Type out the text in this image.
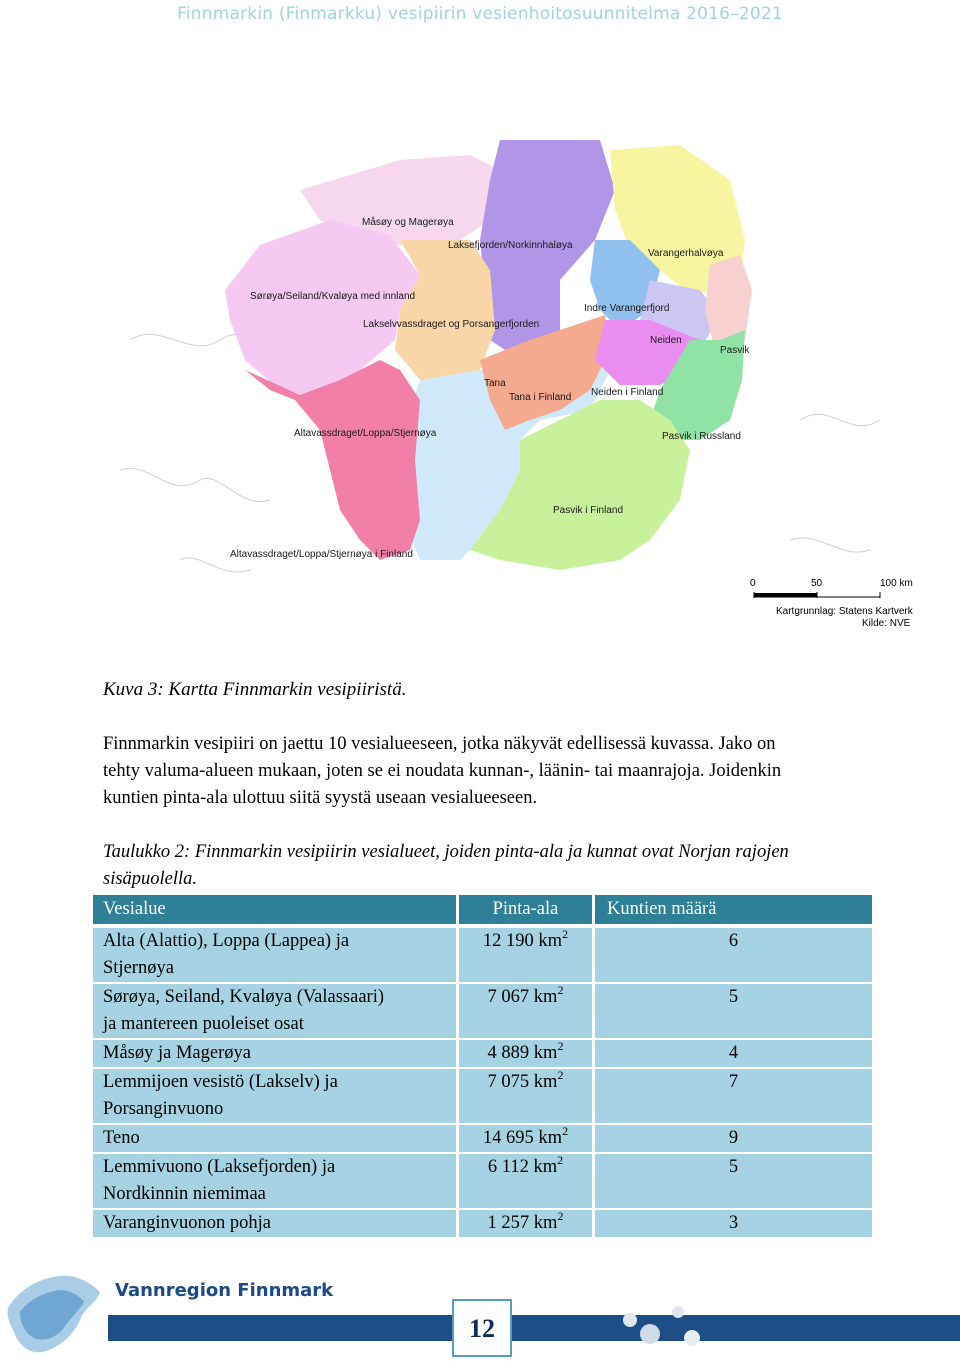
Finnmarkin (Finmarkku) vesipiirin vesienhoitosuunnitelma 2016–2021
Måsøy og Magerøya
Laksefjorden/Norkinnhaløya
Varangerhalvøya
Sørøya/Seiland/Kvaløya med innland
Lakselvvassdraget og Porsangerfjorden
Indre Varangerfjord
Neiden
Pasvik
Tana
Tana i Finland Neiden i Finland
Altavassdraget/Loppa/Stjernøya	Pasvik i Russland
Pasvik i Finland
Altavassdraget/Loppa/Stjernøya i Finland
0	50	100 km
Kartgrunnlag: Statens Kartverk
Kilde: NVE
Kuva 3: Kartta Finnmarkin vesipiiristä.
Finnmarkin vesipiiri on jaettu 10 vesialueeseen, jotka näkyvät edellisessä kuvassa. Jako on
tehty valuma-alueen mukaan, joten se ei noudata kunnan-, läänin- tai maanrajoja. Joidenkin
kuntien pinta-ala ulottuu siitä syystä useaan vesialueeseen.
Taulukko 2: Finnmarkin vesipiirin vesialueet, joiden pinta-ala ja kunnat ovat Norjan rajojen
sisäpuolella.
Vesialue	Pinta-ala	Kuntien määrä

Alta (Alattio), Loppa (Lappea) ja
Stjernøya	12 190 $km^2$	6

Sørøya, Seiland, Kvaløya (Valassaari)
ja mantereen puoleiset osat	7 067 $km^2$	5

Måsøy ja Magerøya	4 889 $km^2$	4

Lemmijoen vesistö (Lakselv) ja
Porsanginvuono	7 075 $km^2$	7

Teno	14 695 $km^2$	9

Lemmivuono (Laksefjorden) ja
Nordkinnin niemimaa	6 112 $km^2$	5

Varanginvuonon pohja	1 257 $km^2$	3
Vannregion Finnmark
12
